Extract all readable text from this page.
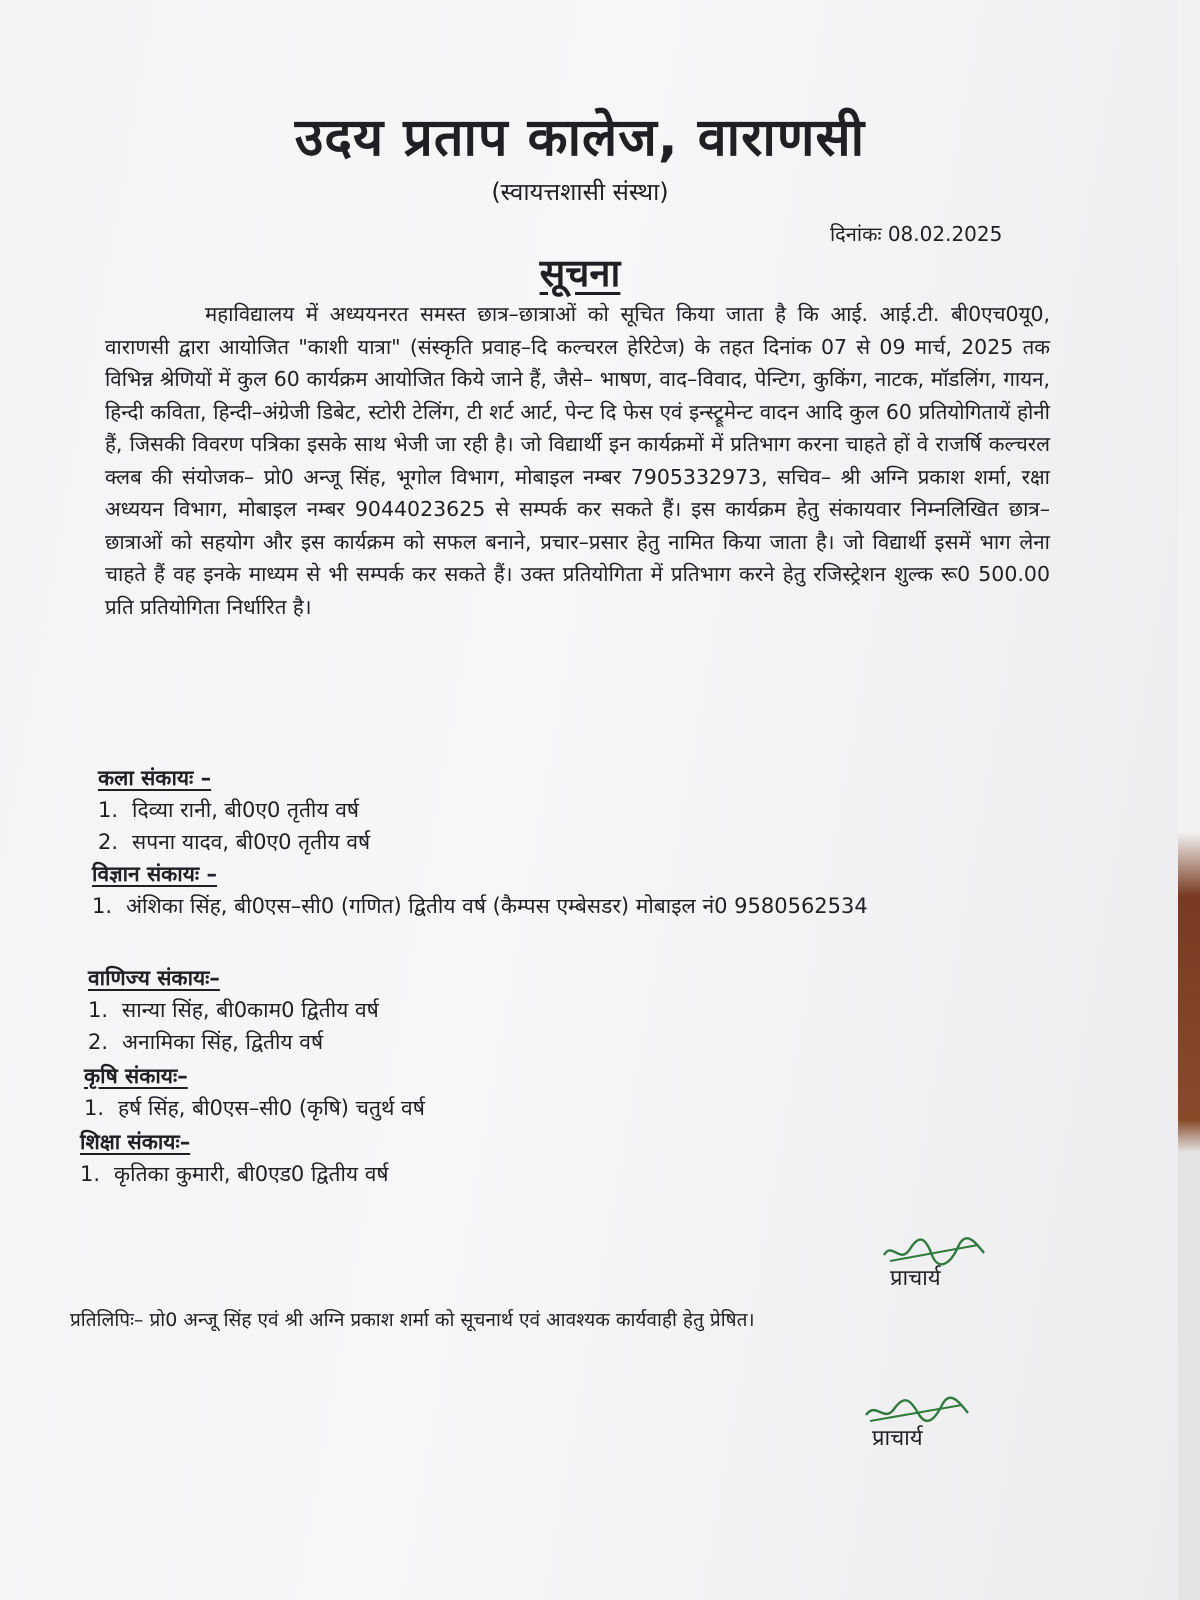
उदय प्रताप कालेज, वाराणसी
(स्वायत्तशासी संस्था)
दिनांकः 08.02.2025
सूचना
महाविद्यालय में अध्ययनरत समस्त छात्र–छात्राओं को सूचित किया जाता है कि आई. आई.टी. बी0एच0यू0, वाराणसी द्वारा आयोजित "काशी यात्रा" (संस्कृति प्रवाह–दि कल्चरल हेरिटेज) के तहत दिनांक 07 से 09 मार्च, 2025 तक विभिन्न श्रेणियों में कुल 60 कार्यक्रम आयोजित किये जाने हैं, जैसे– भाषण, वाद–विवाद, पेन्टिग, कुकिंग, नाटक, मॉडलिंग, गायन, हिन्दी कविता, हिन्दी–अंग्रेजी डिबेट, स्टोरी टेलिंग, टी शर्ट आर्ट, पेन्ट दि फेस एवं इन्स्ट्रूमेन्ट वादन आदि कुल 60 प्रतियोगितायें होनी हैं, जिसकी विवरण पत्रिका इसके साथ भेजी जा रही है। जो विद्यार्थी इन कार्यक्रमों में प्रतिभाग करना चाहते हों वे राजर्षि कल्चरल क्लब की संयोजक– प्रो0 अन्जू सिंह, भूगोल विभाग, मोबाइल नम्बर 7905332973, सचिव– श्री अग्नि प्रकाश शर्मा, रक्षा अध्ययन विभाग, मोबाइल नम्बर 9044023625 से सम्पर्क कर सकते हैं। इस कार्यक्रम हेतु संकायवार निम्नलिखित छात्र–छात्राओं को सहयोग और इस कार्यक्रम को सफल बनाने, प्रचार–प्रसार हेतु नामित किया जाता है। जो विद्यार्थी इसमें भाग लेना चाहते हैं वह इनके माध्यम से भी सम्पर्क कर सकते हैं। उक्त प्रतियोगिता में प्रतिभाग करने हेतु रजिस्ट्रेशन शुल्क रू0 500.00 प्रति प्रतियोगिता निर्धारित है।
कला संकायः –
1. दिव्या रानी, बी0ए0 तृतीय वर्ष
2. सपना यादव, बी0ए0 तृतीय वर्ष
विज्ञान संकायः –
1. अंशिका सिंह, बी0एस–सी0 (गणित) द्वितीय वर्ष (कैम्पस एम्बेसडर) मोबाइल नं0 9580562534
वाणिज्य संकायः–
1. सान्या सिंह, बी0काम0 द्वितीय वर्ष
2. अनामिका सिंह, द्वितीय वर्ष
कृषि संकायः–
1. हर्ष सिंह, बी0एस–सी0 (कृषि) चतुर्थ वर्ष
शिक्षा संकायः–
1. कृतिका कुमारी, बी0एड0 द्वितीय वर्ष
प्राचार्य
प्रतिलिपिः– प्रो0 अन्जू सिंह एवं श्री अग्नि प्रकाश शर्मा को सूचनार्थ एवं आवश्यक कार्यवाही हेतु प्रेषित।
प्राचार्य
